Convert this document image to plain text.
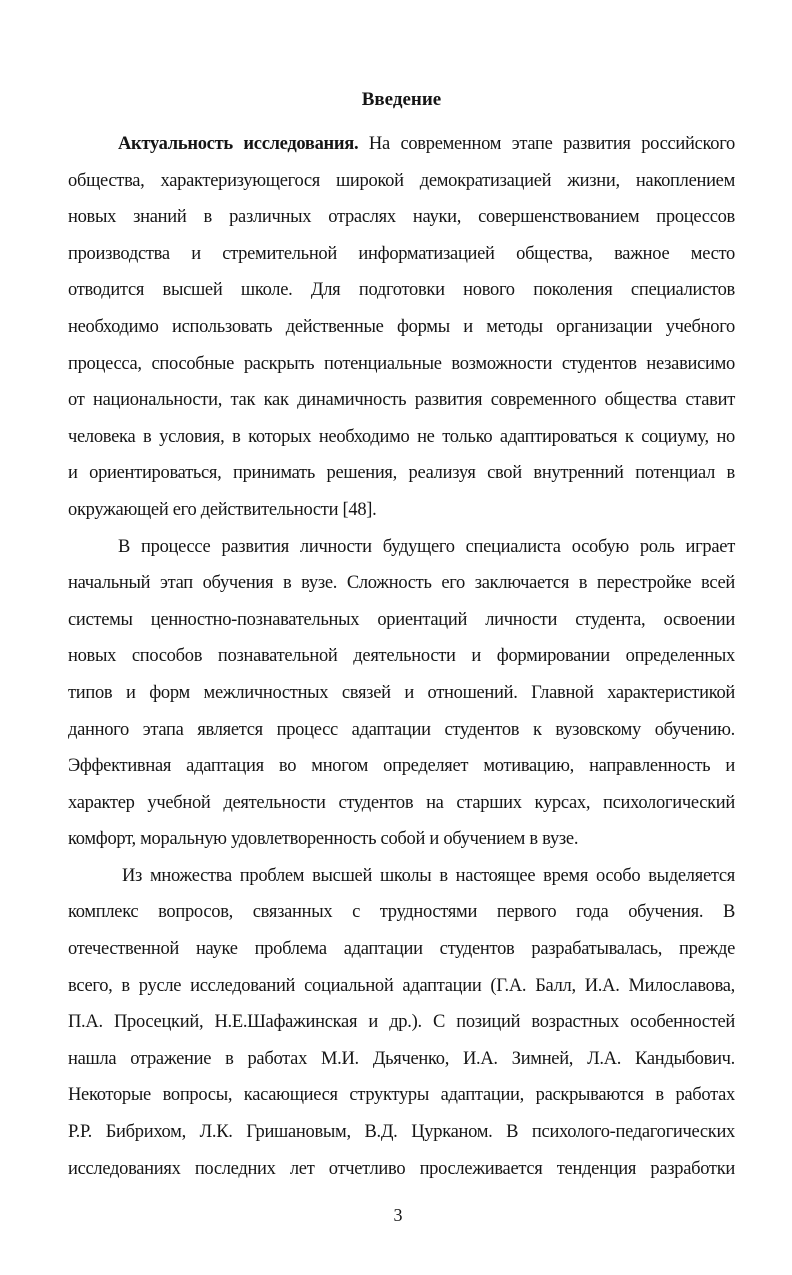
Введение
Актуальность исследования. На современном этапе развития российского
общества, характеризующегося широкой демократизацией жизни, накоплением
новых знаний в различных отраслях науки, совершенствованием процессов
производства и стремительной информатизацией общества, важное место
отводится высшей школе. Для подготовки нового поколения специалистов
необходимо использовать действенные формы и методы организации учебного
процесса, способные раскрыть потенциальные возможности студентов независимо
от национальности, так как динамичность развития современного общества ставит
человека в условия, в которых необходимо не только адаптироваться к социуму, но
и ориентироваться, принимать решения, реализуя свой внутренний потенциал в
окружающей его действительности [48].
В процессе развития личности будущего специалиста особую роль играет
начальный этап обучения в вузе. Сложность его заключается в перестройке всей
системы ценностно-познавательных ориентаций личности студента, освоении
новых способов познавательной деятельности и формировании определенных
типов и форм межличностных связей и отношений. Главной характеристикой
данного этапа является процесс адаптации студентов к вузовскому обучению.
Эффективная адаптация во многом определяет мотивацию, направленность и
характер учебной деятельности студентов на старших курсах, психологический
комфорт, моральную удовлетворенность собой и обучением в вузе.
Из множества проблем высшей школы в настоящее время особо выделяется
комплекс вопросов, связанных с трудностями первого года обучения. В
отечественной науке проблема адаптации студентов разрабатывалась, прежде
всего, в русле исследований социальной адаптации (Г.А. Балл, И.А. Милославова,
П.А. Просецкий, Н.Е.Шафажинская и др.). С позиций возрастных особенностей
нашла отражение в работах М.И. Дьяченко, И.А. Зимней, Л.А. Кандыбович.
Некоторые вопросы, касающиеся структуры адаптации, раскрываются в работах
Р.Р. Бибрихом, Л.К. Гришановым, В.Д. Цурканом. В психолого-педагогических
исследованиях последних лет отчетливо прослеживается тенденция разработки
3
